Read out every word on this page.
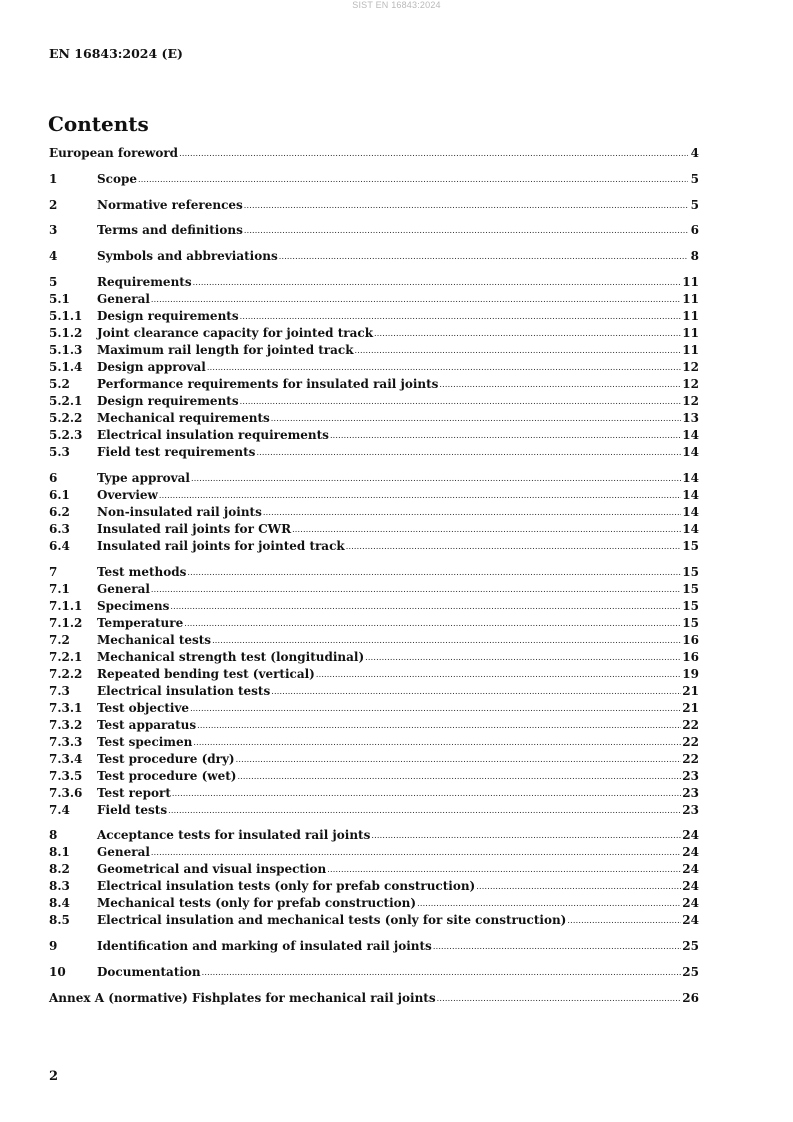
SIST EN 16843:2024
EN 16843:2024 (E)
Contents
European foreword .....	4
1	Scope .....	5
2	Normative references .....	5
3	Terms and definitions .....	6
4	Symbols and abbreviations .....	8
5	Requirements .....	11
5.1	General .....	11
5.1.1	Design requirements .....	11
5.1.2	Joint clearance capacity for jointed track .....	11
5.1.3	Maximum rail length for jointed track .....	11
5.1.4	Design approval .....	12
5.2	Performance requirements for insulated rail joints .....	12
5.2.1	Design requirements .....	12
5.2.2	Mechanical requirements .....	13
5.2.3	Electrical insulation requirements .....	14
5.3	Field test requirements .....	14
6	Type approval .....	14
6.1	Overview .....	14
6.2	Non-insulated rail joints .....	14
6.3	Insulated rail joints for CWR .....	14
6.4	Insulated rail joints for jointed track .....	15
7	Test methods .....	15
7.1	General .....	15
7.1.1	Specimens .....	15
7.1.2	Temperature .....	15
7.2	Mechanical tests .....	16
7.2.1	Mechanical strength test (longitudinal) .....	16
7.2.2	Repeated bending test (vertical) .....	19
7.3	Electrical insulation tests .....	21
7.3.1	Test objective .....	21
7.3.2	Test apparatus .....	22
7.3.3	Test specimen .....	22
7.3.4	Test procedure (dry) .....	22
7.3.5	Test procedure (wet) .....	23
7.3.6	Test report .....	23
7.4	Field tests .....	23
8	Acceptance tests for insulated rail joints .....	24
8.1	General .....	24
8.2	Geometrical and visual inspection .....	24
8.3	Electrical insulation tests (only for prefab construction) .....	24
8.4	Mechanical tests (only for prefab construction) .....	24
8.5	Electrical insulation and mechanical tests (only for site construction) .....	24
9	Identification and marking of insulated rail joints .....	25
10	Documentation .....	25
Annex A (normative) Fishplates for mechanical rail joints .....	26
2
